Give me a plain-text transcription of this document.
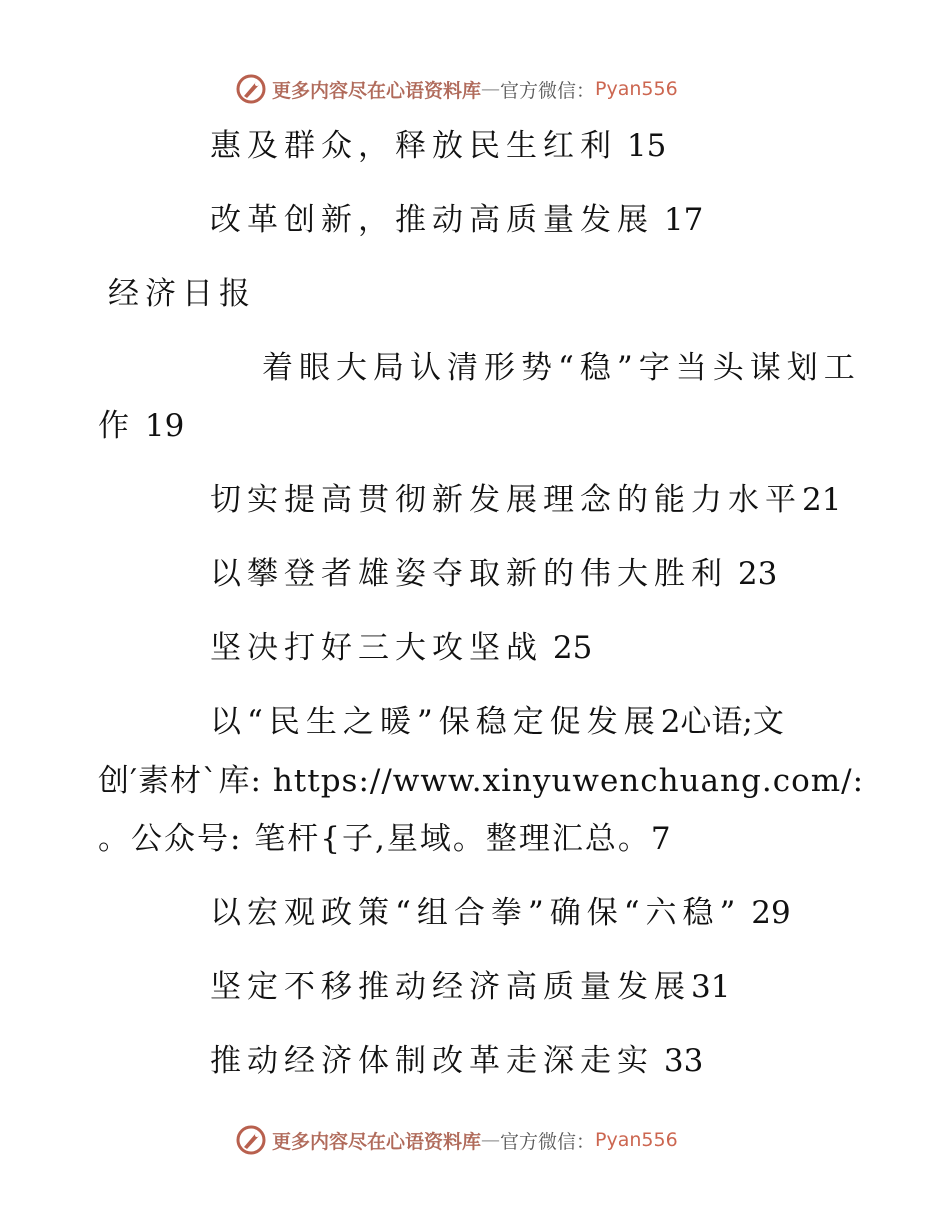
更多内容尽在心语资料库 — 官方微信： Pyan556
惠及群众，释放民生红利 15
改革创新，推动高质量发展 17
经济日报
着眼大局认清形势“稳”字当头谋划工
作 19
切实提高贯彻新发展理念的能力水平21
以攀登者雄姿夺取新的伟大胜利 23
坚决打好三大攻坚战 25
以“民生之暖”保稳定促发展2心语;文
创′素材ˋ库: https://www.xinyuwenchuang.com/:
。公众号: 笔杆{子,星域。整理汇总。7
以宏观政策“组合拳”确保“六稳” 29
坚定不移推动经济高质量发展31
推动经济体制改革走深走实 33
更多内容尽在心语资料库 — 官方微信： Pyan556
